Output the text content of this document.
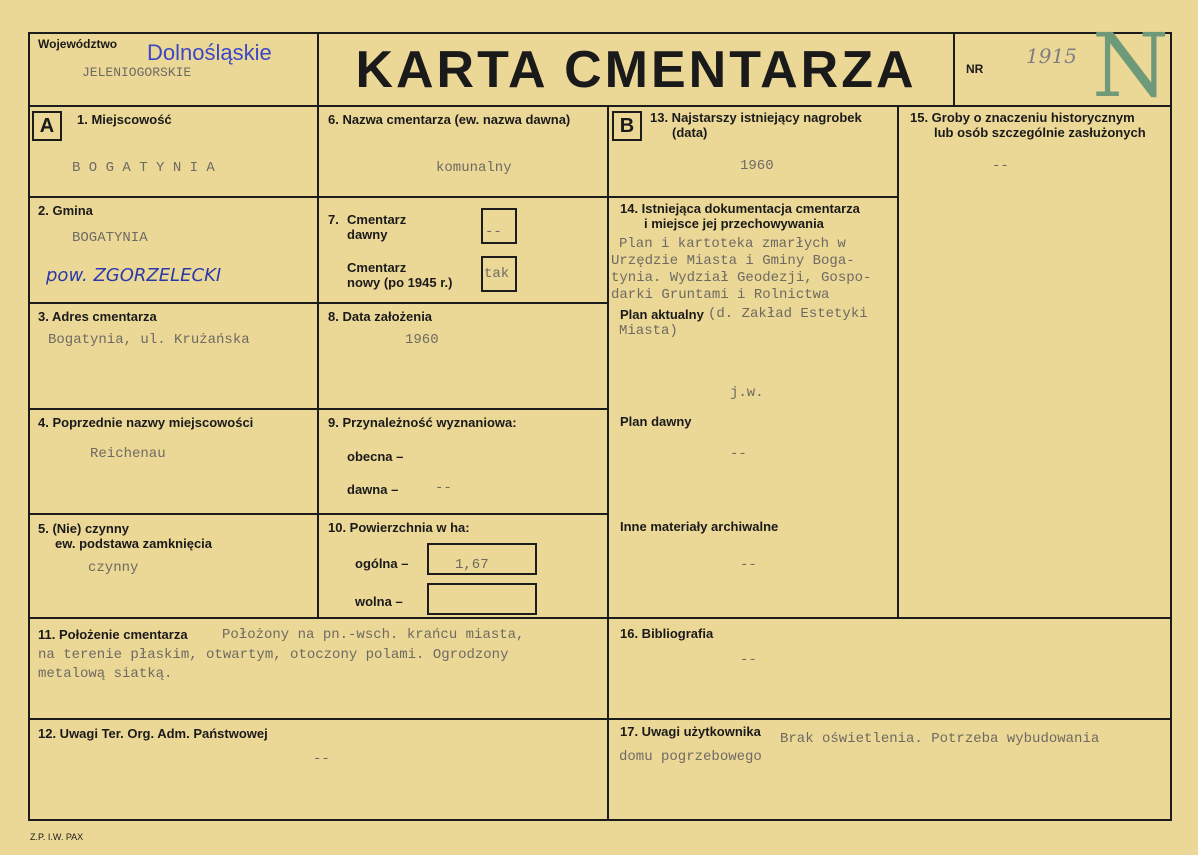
Województwo Dolnośląskie
JELENIOGORSKIE	KARTA CMENTARZA	NR
1915 N
A	B
1. Miejscowość
B O G A T Y N I A
2. Gmina
BOGATYNIA
pow. ZGORZELECKI
3. Adres cmentarza
Bogatynia, ul. Krużańska
4. Poprzednie nazwy miejscowości
Reichenau
5. (Nie) czynny
ew. podstawa zamknięcia
czynny
6. Nazwa cmentarza (ew. nazwa dawna)
komunalny
7. Cmentarz
dawny	--
Cmentarz
nowy (po 1945 r.)
tak
8. Data założenia
1960
9. Przynależność wyznaniowa:
obecna –
dawna –	--
10. Powierzchnia w ha:
ogólna –	1,67
wolna –
13. Najstarszy istniejący nagrobek
(data)
1960
14. Istniejąca dokumentacja cmentarza
i miejsce jej przechowywania
Plan i kartoteka zmarłych w
Urzędzie Miasta i Gminy Boga-
tynia. Wydział Geodezji, Gospo-
darki Gruntami i Rolnictwa
Plan aktualny (d. Zakład Estetyki
Miasta)
j.w.
Plan dawny
--
Inne materiały archiwalne
--
15. Groby o znaczeniu historycznym
lub osób szczególnie zasłużonych
--
11. Położenie cmentarza Położony na pn.-wsch. krańcu miasta,
na terenie płaskim, otwartym, otoczony polami. Ogrodzony
metalową siatką.
16. Bibliografia
--
12. Uwagi Ter. Org. Adm. Państwowej
--
17. Uwagi użytkownika Brak oświetlenia. Potrzeba wybudowania
domu pogrzebowego
Z.P. I.W. PAX
